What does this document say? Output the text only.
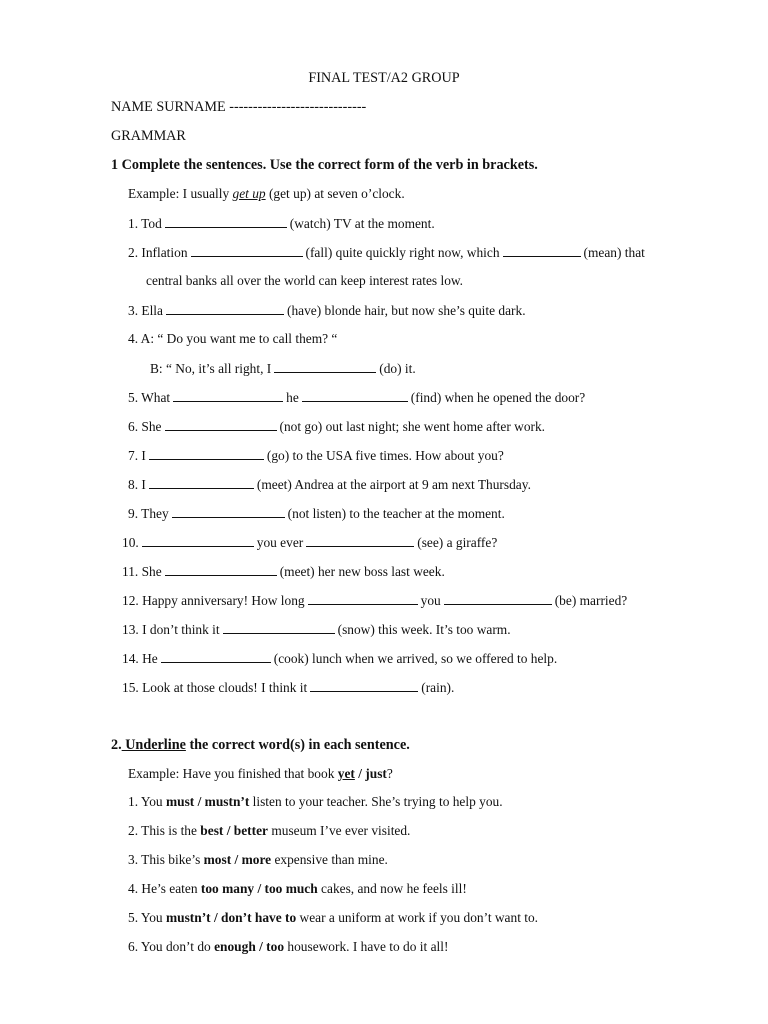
FINAL TEST/A2 GROUP
NAME SURNAME -----------------------------
GRAMMAR
1 Complete the sentences. Use the correct form of the verb in brackets.
Example: I usually get up (get up) at seven o’clock.
1. Tod	(watch) TV at the moment.
2. Inflation	(fall) quite quickly right now, which	(mean) that
central banks all over the world can keep interest rates low.
3. Ella	(have) blonde hair, but now she’s quite dark.
4. A: “ Do you want me to call them? “
B: “ No, it’s all right, I	(do) it.
5. What	he	(find) when he opened the door?
6. She	(not go) out last night; she went home after work.
7. I	(go) to the USA five times. How about you?
8. I	(meet) Andrea at the airport at 9 am next Thursday.
9. They	(not listen) to the teacher at the moment.
10.	you ever	(see) a giraffe?
11. She	(meet) her new boss last week.
12. Happy anniversary! How long	you	(be) married?
13. I don’t think it	(snow) this week. It’s too warm.
14. He	(cook) lunch when we arrived, so we offered to help.
15. Look at those clouds! I think it	(rain).
2. Underline the correct word(s) in each sentence.
Example: Have you finished that book yet / just?
1. You must / mustn’t listen to your teacher. She’s trying to help you.
2. This is the best / better museum I’ve ever visited.
3. This bike’s most / more expensive than mine.
4. He’s eaten too many / too much cakes, and now he feels ill!
5. You mustn’t / don’t have to wear a uniform at work if you don’t want to.
6. You don’t do enough / too housework. I have to do it all!
